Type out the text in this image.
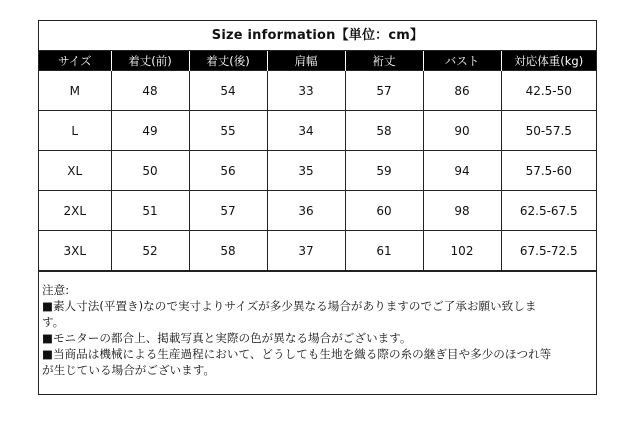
Size information【単位：cm】
サイズ	着丈(前)	着丈(後)	肩幅	裄丈	バスト	対応体重(kg)
M	48	54	33	57	86	42.5-50
L	49	55	34	58	90	50-57.5
XL	50	56	35	59	94	57.5-60
2XL	51	57	36	60	98	62.5-67.5
3XL	52	58	37	61	102	67.5-72.5

注意:

■素人寸法(平置き)なので実寸よりサイズが多少異なる場合がありますのでご了承お願い致しま

す。

■モニターの都合上、掲載写真と実際の色が異なる場合がございます。

■当商品は機械による生産過程において、どうしても生地を織る際の糸の継ぎ目や多少のほつれ等

が生じている場合がございます。
